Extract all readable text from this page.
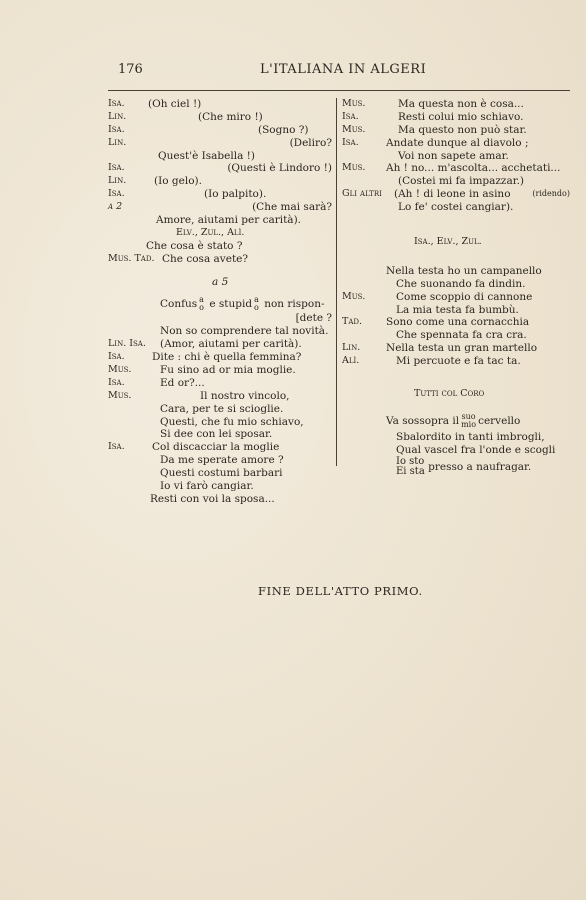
176	L'ITALIANA IN ALGERI
Isa. (Oh ciel !)
Lin.	(Che miro !)
Isa.	(Sogno ?)
Lin.	(Deliro?
Quest'è Isabella !)
Isa.	(Questi è Lindoro !)
Lin.	(Io gelo).
Isa.	(Io palpito).
a 2	(Che mai sarà?
Amore, aiutami per carità).
Elv., Zul., Alì.
Che cosa è stato ?
Mus. Tad. Che cosa avete?
a 5
Confus a
o e stupid a
o non rispon-
[dete ?
Non so comprendere tal novità.
Lin. Isa. (Amor, aiutami per carità).
Isa.	Dite : chi è quella femmina?
Mus.	Fu sino ad or mia moglie.
Isa.	Ed or?...
Mus.	Il nostro vincolo,
Cara, per te si scioglie.
Questi, che fu mio schiavo,
Si dee con lei sposar.
Isa.	Col discacciar la moglie
Da me sperate amore ?
Questi costumi barbari
Io vi farò cangiar.
Resti con voi la sposa...
Mus.	Ma questa non è cosa...
Isa.	Resti colui mio schiavo.
Mus.	Ma questo non può star.
Isa.	Andate dunque al diavolo ;
Voi non sapete amar.
Mus. Ah ! no... m'ascolta... acchetati...
(Costei mi fa impazzar.)
Gli altri (Ah ! di leone in asino	(ridendo)
Lo fe' costei cangiar).
Isa., Elv., Zul.
Nella testa ho un campanello
Che suonando fa dindin.
Mus.	Come scoppio di cannone
La mia testa fa bumbù.
Tad. Sono come una cornacchia
Che spennata fa cra cra.
Lin. Nella testa un gran martello
Alì.	Mi percuote e fa tac ta.
Tutti col Coro
Va sossopra il suo
mio cervello
Sbalordito in tanti imbrogli,
Qual vascel fra l'onde e scogli
Io sto
Ei sta presso a naufragar.
FINE DELL'ATTO PRIMO.
